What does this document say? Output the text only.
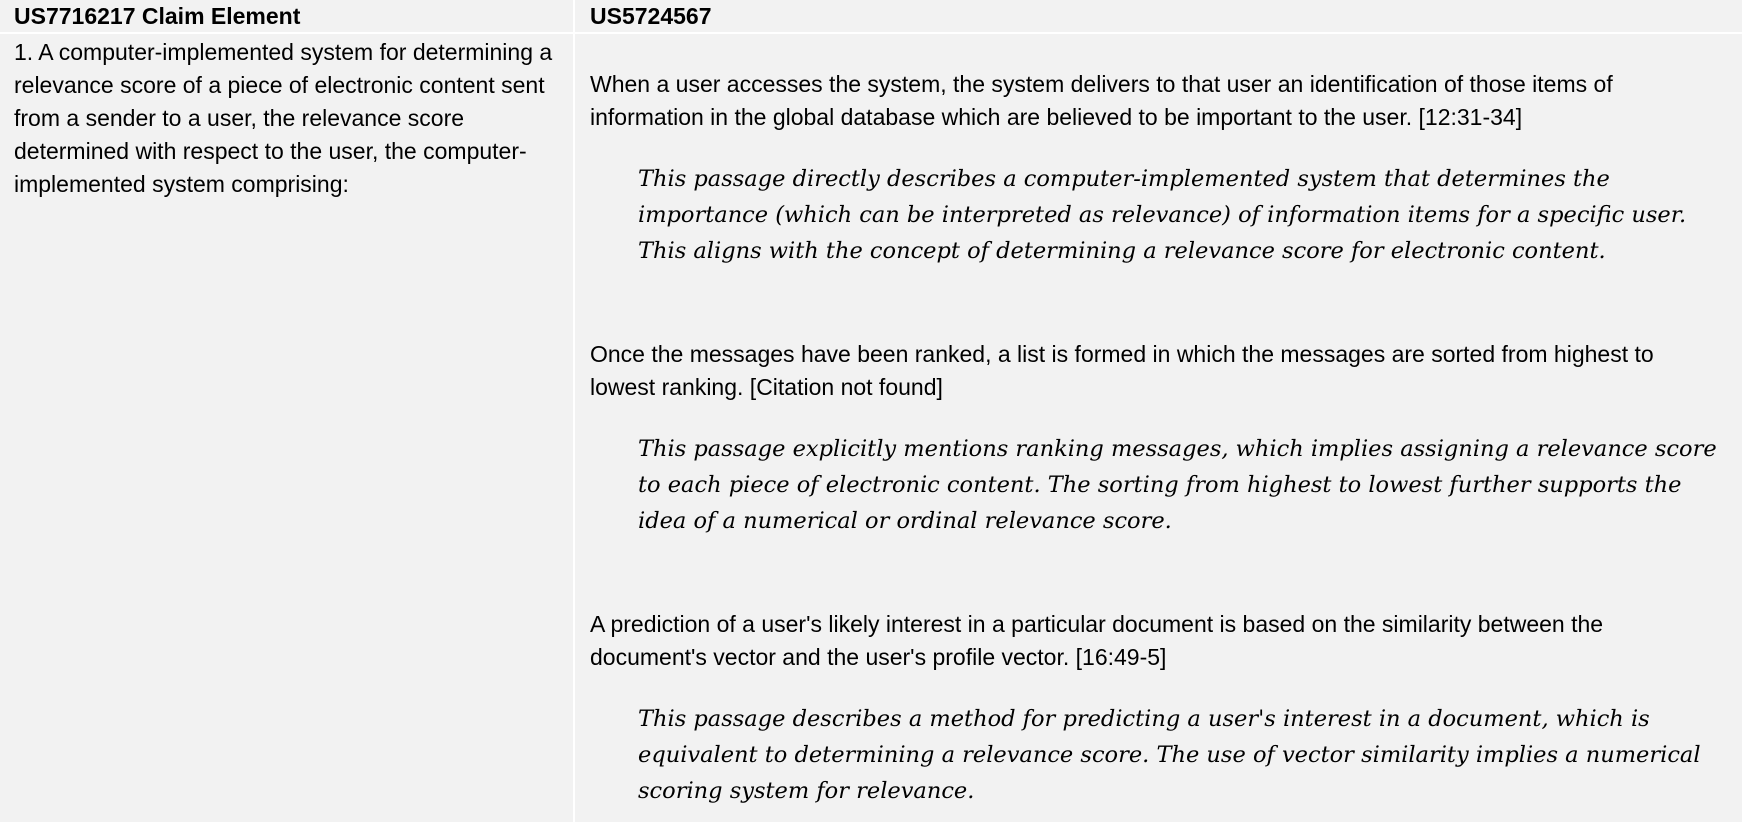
US7716217 Claim Element	US5724567
1. A computer-implemented system for determining a relevance score of a piece of electronic content sent from a sender to a user, the relevance score determined with respect to the user, the computer-implemented system comprising:

When a user accesses the system, the system delivers to that user an identification of those items of information in the global database which are believed to be important to the user. [12:31-34]

This passage directly describes a computer-implemented system that determines the importance (which can be interpreted as relevance) of information items for a specific user. This aligns with the concept of determining a relevance score for electronic content.

Once the messages have been ranked, a list is formed in which the messages are sorted from highest to lowest ranking. [Citation not found]

This passage explicitly mentions ranking messages, which implies assigning a relevance score to each piece of electronic content. The sorting from highest to lowest further supports the idea of a numerical or ordinal relevance score.

A prediction of a user's likely interest in a particular document is based on the similarity between the document's vector and the user's profile vector. [16:49-5]

This passage describes a method for predicting a user's interest in a document, which is equivalent to determining a relevance score. The use of vector similarity implies a numerical scoring system for relevance.
